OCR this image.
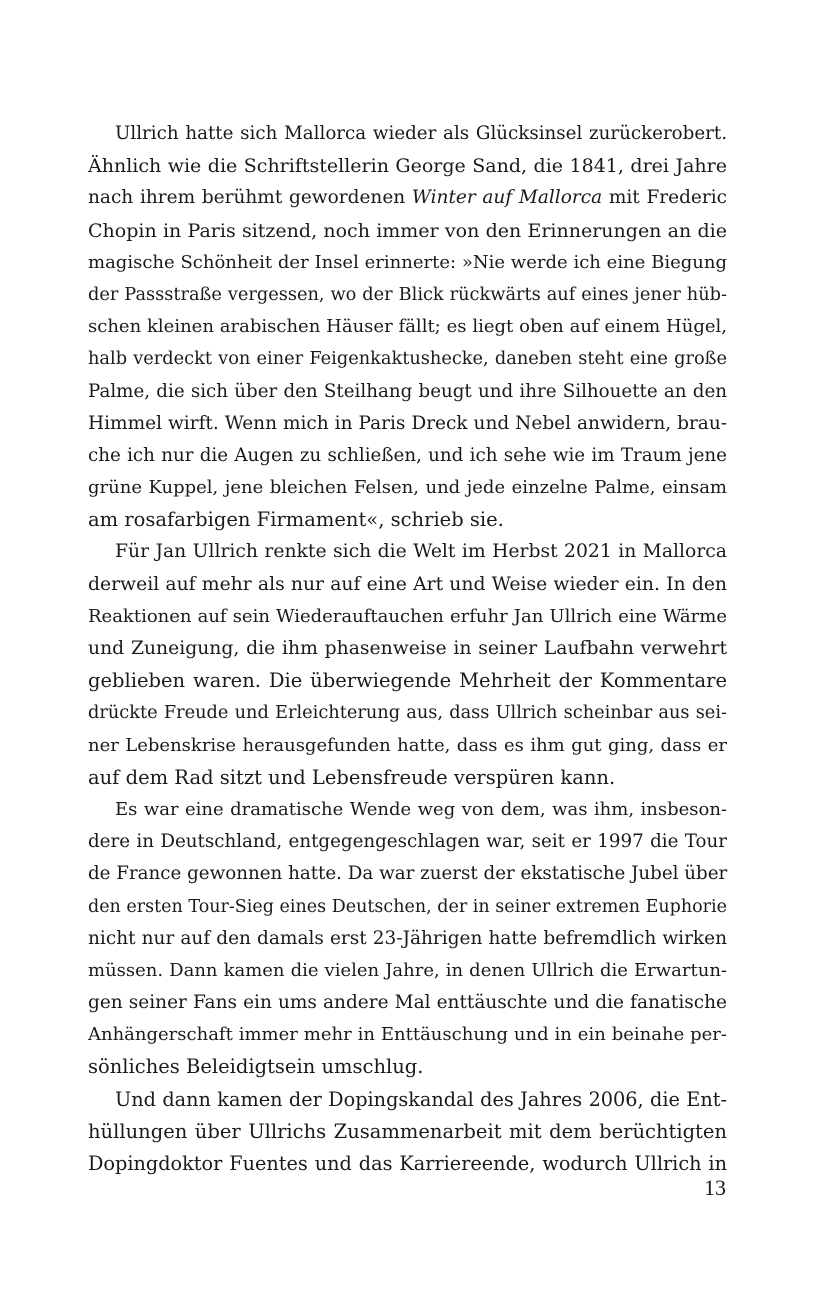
Ullrich hatte sich Mallorca wieder als Glücksinsel zurückerobert.
Ähnlich wie die Schriftstellerin George Sand, die 1841, drei Jahre
nach ihrem berühmt gewordenen Winter auf Mallorca mit Frederic
Chopin in Paris sitzend, noch immer von den Erinnerungen an die
magische Schönheit der Insel erinnerte: »Nie werde ich eine Biegung
der Passstraße vergessen, wo der Blick rückwärts auf eines jener hüb-
schen kleinen arabischen Häuser fällt; es liegt oben auf einem Hügel,
halb verdeckt von einer Feigenkaktushecke, daneben steht eine große
Palme, die sich über den Steilhang beugt und ihre Silhouette an den
Himmel wirft. Wenn mich in Paris Dreck und Nebel anwidern, brau-
che ich nur die Augen zu schließen, und ich sehe wie im Traum jene
grüne Kuppel, jene bleichen Felsen, und jede einzelne Palme, einsam
am rosafarbigen Firmament«, schrieb sie.
Für Jan Ullrich renkte sich die Welt im Herbst 2021 in Mallorca
derweil auf mehr als nur auf eine Art und Weise wieder ein. In den
Reaktionen auf sein Wiederauftauchen erfuhr Jan Ullrich eine Wärme
und Zuneigung, die ihm phasenweise in seiner Laufbahn verwehrt
geblieben waren. Die überwiegende Mehrheit der Kommentare
drückte Freude und Erleichterung aus, dass Ullrich scheinbar aus sei-
ner Lebenskrise herausgefunden hatte, dass es ihm gut ging, dass er
auf dem Rad sitzt und Lebensfreude verspüren kann.
Es war eine dramatische Wende weg von dem, was ihm, insbeson-
dere in Deutschland, entgegengeschlagen war, seit er 1997 die Tour
de France gewonnen hatte. Da war zuerst der ekstatische Jubel über
den ersten Tour-Sieg eines Deutschen, der in seiner extremen Euphorie
nicht nur auf den damals erst 23-Jährigen hatte befremdlich wirken
müssen. Dann kamen die vielen Jahre, in denen Ullrich die Erwartun-
gen seiner Fans ein ums andere Mal enttäuschte und die fanatische
Anhängerschaft immer mehr in Enttäuschung und in ein beinahe per-
sönliches Beleidigtsein umschlug.
Und dann kamen der Dopingskandal des Jahres 2006, die Ent-
hüllungen über Ullrichs Zusammenarbeit mit dem berüchtigten
Dopingdoktor Fuentes und das Karriereende, wodurch Ullrich in
13
